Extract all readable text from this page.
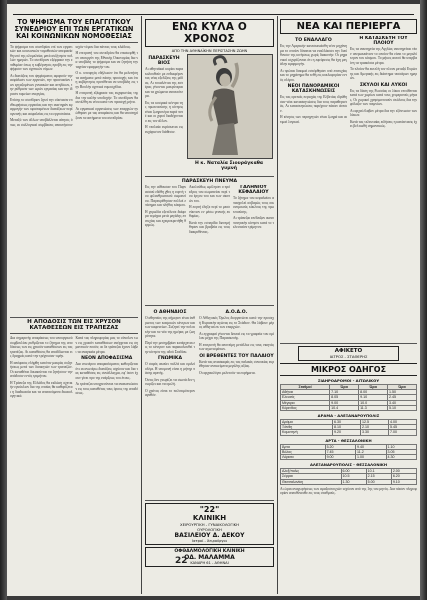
ΤΟ ΨΗΦΙΣΜΑ ΤΟΥ ΕΠΑΓΓΙΤΚΟΥ ΣΥΝΕΔΡΙΟΥ ΕΠΙ ΤΩΝ ΕΡΓΑΤΙΚΩΝ ΚΑΙ ΚΟΙΝΩΝΙΚΩΝ ΝΟΜΟΘΕΣΙΑΣ

Το ψήφισμα του συνεδρίου επί των εργατικών και κοινωνικών νομοθεσιών απεφασίσθη υπό της ολομελείας μετά συζήτησιν πολλών ημερών. Το συνέδριον εξέφρασε την επιθυμίαν όπως η κυβέρνησις προβή εις την ψήφισιν των σχετικών νόμων.

Αι διατάξεις του ψηφίσματος αφορούν την ασφάλισιν των εργατών, την προστασίαν των εργαζομένων γυναικών και ανηλίκων, την ρύθμισιν των ωρών εργασίας και την ίδρυσιν ταμείων ανεργίας.

Επίσης το συνέδριον ζητεί την σύστασιν επιθεωρήσεως εργασίας και την αυστηράν εφαρμογήν των υφισταμένων διατάξεων περί υγιεινής και ασφαλείας εις τα εργοστάσια.

Μεταξύ των άλλων υποβάλλεται αίτησις όπως αι συλλογικαί συμβάσεις αποκτήσουν ισχύν νόμου δια πάντας τους κλάδους.

Η επιτροπή του συνεδρίου θα επισκεφθή τον υπουργόν της Εθνικής Οικονομίας δια να υποβάλη το ψήφισμα και να ζητήση την ταχείαν εφαρμογήν του.

Ο κ. υπουργός εδήλωσεν ότι θα μελετήση τα αιτήματα μετά πάσης προσοχής και ότι η κυβέρνησις προτίθεται να υποβάλη εις την Βουλήν σχετικά νομοσχέδια.

Η επιτροπή εξέφρασε τας ευχαριστίας της δια την καλήν υποδοχήν. Το συνέδριον θα συνέλθη εκ νέου κατά τον προσεχή μήνα.

Αι εργατικαί οργανώσεις των επαρχιών ηνώθησαν με τας αποφάσεις και θα υποστηρίξουν τα αιτήματα του συνεδρίου.

Η ΑΠΟΔΟΣΙΣ ΤΩΝ ΕΙΣ ΧΡΥΣΟΝ ΚΑΤΑΘΕΣΕΩΝ ΕΙΣ ΤΡΑΠΕΖΑΣ

Δια σημερινής αποφάσεως του υπουργικού συμβουλίου ρυθμίζεται το ζήτημα της αποδόσεως των εις χρυσόν καταθέσεων εις τας τραπέζας. Αι καταθέσεις θα αποδίδωνται εις δραχμάς κατά την τρέχουσαν τιμήν.

Η απόφασις ελήφθη κατόπιν μακράς συζητήσεως μετά των διοικητών των τραπεζών. Οι καταθέται δικαιούνται να ζητήσουν την απόδοσιν εντός τριμήνου.

Η Τράπεζα της Ελλάδος θα εκδώση σχετικήν εγκύκλιον δια της οποίας θα καθορίζεται η διαδικασία και τα απαιτούμενα δικαιολογητικά.

Κατά τας πληροφορίας μας το σύνολον των εις χρυσόν καταθέσεων ανέρχεται εις σημαντικόν ποσόν, αι δε τράπεζαι έχουν λάβει τα αναγκαία μέτρα.

ΝΕΟΝ ΑΠΟΦΑΣΙΣΜΑ

Δια νεωτέρου αποφασίσματος καθορίζεται ότι αι ανωτέρω διατάξεις ισχύουν και δια τας καταθέσεις εις συνάλλαγμα, εφ' όσον έχουν γίνει προ της ενάρξεως του έτους.

Αι τράπεζαι υποχρεούνται να ανακοινώσουν εις τους καταθέτας τους όρους της αποδόσεως.

ΕΝΩ ΚΥΛΑ Ο ΧΡΟΝΟΣ
ΑΠΟ ΤΗΝ ΑΘΗΝΑΪΚΗΝ ΠΕΡΙΣΤΑΣΗΝ ΖΩΗΝ
ΠΑΡΑΣΚΕΥΗ ΒΙΟΣ

Αι αθηναϊκαί κυρίαι παρακολουθούν με ενδιαφέρον τας νέας εξελίξεις της μόδας. Αι τουαλέτται της εσπέρας γίνονται μακρύτεραι και τα χρώματα ανοικτότερα.

Εις τα κοσμικά κέντρα της πρωτευούσης η κίνησις είναι ζωηροτέρα παρά ποτέ και οι χοροί διαδέχονται ο εις τον άλλον.

Η νεολαία ευρίσκεται εις ευχάριστον διάθεσιν.

Η κ. Ναταλία Σιουράγκαθα γυμνή
ΠΑΡΑΣΚΕΥΗ ΠΝΕΥΜΑ

Εις την αίθουσαν του Παρνασσού εδόθη χθες η εορτή του φιλανθρωπικού σωματείου. Παρευρέθησαν πολλοί επίσημοι και πλήθος κόσμου.

Η χορωδία εξετέλεσε διάφορα τεμάχια μετά μεγάλης επιτυχίας και εχειροκροτήθη θερμώς.

Ακολούθως ωμίλησεν ο πρόεδρος του σωματείου περί του έργου του και των σκοπών του.

Η εορτή έληξε περί το μεσονύκτιον εν μέσω γενικής ευθυμίας.

Κατά την εσπερίδα διενεμήθησαν και βραβεία εις τους διακριθέντας.

ΓΑΛΗΝΙΟΥ ΚΕΦΑΛΑΙΟΥ

Το ζήτημα του κεφαλαίου απασχολεί σοβαρώς τους οικονομικούς κύκλους της πρωτευούσης.

Αι τράπεζαι επέδειξαν ικανοποιητικήν κίνησιν κατά το τελευταίον τρίμηνον.

Ο ΑΘΗΝΑΙΟΣ

Ο αθηναίος της σήμερον είναι άνθρωπος των κοσμικών κέντρων και των καφενείων. Συζητεί την πολιτικήν και τα νέα της ημέρας με ζωηρότητα.

Περί την μεσημβρίαν κατέρχεται εις το κέντρον και παρακολουθεί την κίνησιν της οδού Σταδίου.

ΓΝΩΜΙΚΑ

Ο σοφός ακούει πολλά και ομιλεί ολίγα. Η υπομονή είναι η μήτηρ πάσης αρετής.

Όστις δεν γνωρίζει να σιωπά δεν γνωρίζει και να ομιλή.

Ο χρόνος είναι το πολυτιμότερον αγαθόν.

Α.Ο.Δ.Ο.

Ο Αθλητικός Όμιλος διοργανώνει κατά την προσεχή Κυριακήν αγώνας εις το Στάδιον. Θα λάβουν μέρος αθληταί εκ των επαρχιών.

Αι εγγραφαί γίνονται δεκταί εις τα γραφεία του ομίλου μέχρι της Παρασκευής.

Η επιτροπή θα απονείμη μετάλλια εις τους νικητάς των αγωνισμάτων.

ΟΙ ΒΡΕΘΕΝΤΕΣ ΤΟΥ ΠΑΛΑΙΟΥ

Κατά τας ανασκαφάς εις τας παλαιάς συνοικίας ευρέθησαν αντικείμενα μεγάλης αξίας.

Οι αρχαιολόγοι μελετούν τα ευρήματα.

"22"
ΚΛΙΝΙΚΗ
ΧΕΙΡΟΥΡΓΙΚΗ - ΓΥΝΑΙΚΟΛΟΓΙΚΗ
ΟΥΡΟΛΟΓΙΚΗ
ΒΑΣΙΛΕΙΟΥ Δ. ΔΕΚΟΥ
Ιατροί - Χειρούργοι
ΟΦΘΑΛΜΟΛΟΓΙΚΗ ΚΛΙΝΙΚΗ
ΟΔ. ΜΑΛΑΜΜΑ
ΚΑΝΑΡΗ 61 - ΑΘΗΝΑΙ
ΝΕΑ ΚΑΙ ΠΕΡΙΕΡΓΑ
ΤΟ ΕΝΑΛΛΑΓΟ

Εις την Αμερικήν κατεσκευάσθη νέον μηχάνημα το οποίον δύναται να εναλλάσσει την διεύθυνσιν της κινήσεως χωρίς διακοπήν. Οι μηχανικοί ισχυρίζονται ότι η εφεύρεσις θα έχη μεγάλην εφαρμογήν.

Αι πρώται δοκιμαί εστέφθησαν υπό επιτυχίας και το μηχάνημα θα τεθή εις κυκλοφορίαν εντός ολίγου.

ΝΕΟΙ ΠΑΝΟΡΑΜΙΚΟΙ ΚΑΤΑΣΚΗΝΩΣΕΙΣ

Εις τας ορεινάς περιοχάς της Ελβετίας ιδρύθησαν νέαι κατασκηνώσεις δια τους παραθεριστάς. Αι κατασκηνώσεις παρέχουν πάσαν άνεσιν.

Η κίνησις των περιηγητών είναι ζωηρά και αι τιμαί λογικαί.

Η ΚΑΤΑΣΚΕΥΗ ΤΟΥ ΠΛΟΙΟΥ

Εις τα ναυπηγεία της Αγγλίας ναυπηγείται νέον υπερωκεάνιον το οποίον θα είναι το μεγαλύτερον του κόσμου. Το μήκος αυτού θα υπερβαίνη τα τριακόσια μέτρα.

Το πλοίον θα εκτελή τον πλουν μεταξύ Ευρώπης και Αμερικής εις διάστημα τεσσάρων ημερών.

ΣΚΥΛΟΙ ΚΑΙ ΛΥΚΟΙ

Εις τα δάση της Ρωσσίας οι λύκοι επιτίθενται κατά των χωρίων κατά τους χειμερινούς μήνας. Οι χωρικοί χρησιμοποιούν σκύλους δια την φύλαξιν των ποιμνίων.

Αι αρχαί έλαβον μέτρα δια την εξόντωσιν των λύκων.

Κατά τας τελευταίας ειδήσεις η κατάστασις έχει βελτιωθή σημαντικώς.

ΑΦΙΚΕΤΟ
ΙΑΤΡΟΣ - ΣΤΑΘΕΡΗΣ
ΜΙΚΡΟΣ ΟΔΗΓΟΣ
ΣΙΔΗΡΟΔΡΟΜΟΙ - ΑΙΤΩΛΙΚΟΥ
Σταθμοί	Ώρα	Ώρα	Ώρα
Αθήναι	7.10	8.00	1.50
Ελευσίς	8.05	9.10	2.45
Μέγαρα	9.00	10.0	3.40
Κόρινθος	10.4	11.3	5.10
ΔΡΑΜΑ - ΑΛΕΞΑΝΔΡΟΥΠΟΛΙΣ
Δράμα	6.30	12.5	4.00
Ξάνθη	8.10	2.10	5.45
Κομοτηνή	9.20	3.30	7.00
ΑΡΤΑ - ΘΕΣΣΑΛΟΝΙΚΗ
Άρτα	5.20	9.40	1.10
Βόλος	7.45	11.2	3.05
Λάρισα	9.00	1.00	4.30
ΑΛΕΞΑΝΔΡΟΥΠΟΛΙΣ - ΘΕΣΣΑΛΟΝΙΚΗ
Αλεξ/πολις	6.00	10.1	2.00
Σέρραι	10.5	2.15	6.20
Θεσσαλονίκη	1.30	5.00	9.10

Αι ώραι αναχωρήσεως των αμαξοστοιχιών ισχύουν από της 1ης του μηνός. Δια πάσαν πληροφορίαν απευθύνεσθε εις τους σταθμούς.

22
